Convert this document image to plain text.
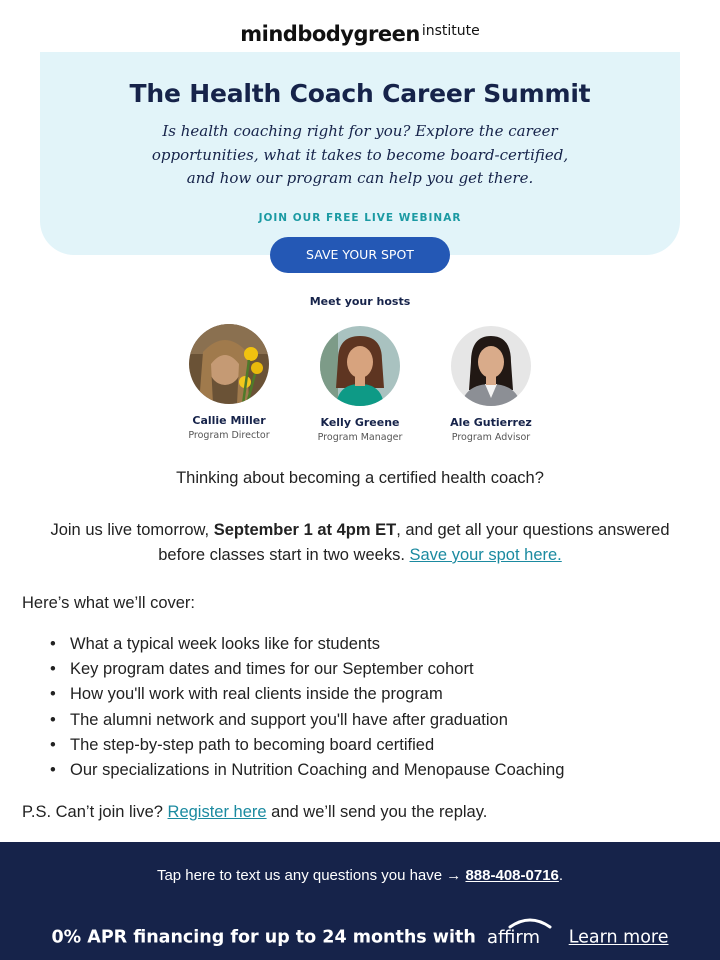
mindbodygreen institute
The Health Coach Career Summit
Is health coaching right for you? Explore the career opportunities, what it takes to become board-certified, and how our program can help you get there.
JOIN OUR FREE LIVE WEBINAR
SAVE YOUR SPOT
Meet your hosts
Callie Miller
Program Director
Kelly Greene
Program Manager
Ale Gutierrez
Program Advisor
Thinking about becoming a certified health coach?
Join us live tomorrow, September 1 at 4pm ET, and get all your questions answered before classes start in two weeks. Save your spot here.
Here’s what we’ll cover:
• What a typical week looks like for students
• Key program dates and times for our September cohort
• How you'll work with real clients inside the program
• The alumni network and support you'll have after graduation
• The step-by-step path to becoming board certified
• Our specializations in Nutrition Coaching and Menopause Coaching
P.S. Can’t join live? Register here and we’ll send you the replay.
Tap here to text us any questions you have → 888-408-0716.
0% APR financing for up to 24 months with affirm Learn more
